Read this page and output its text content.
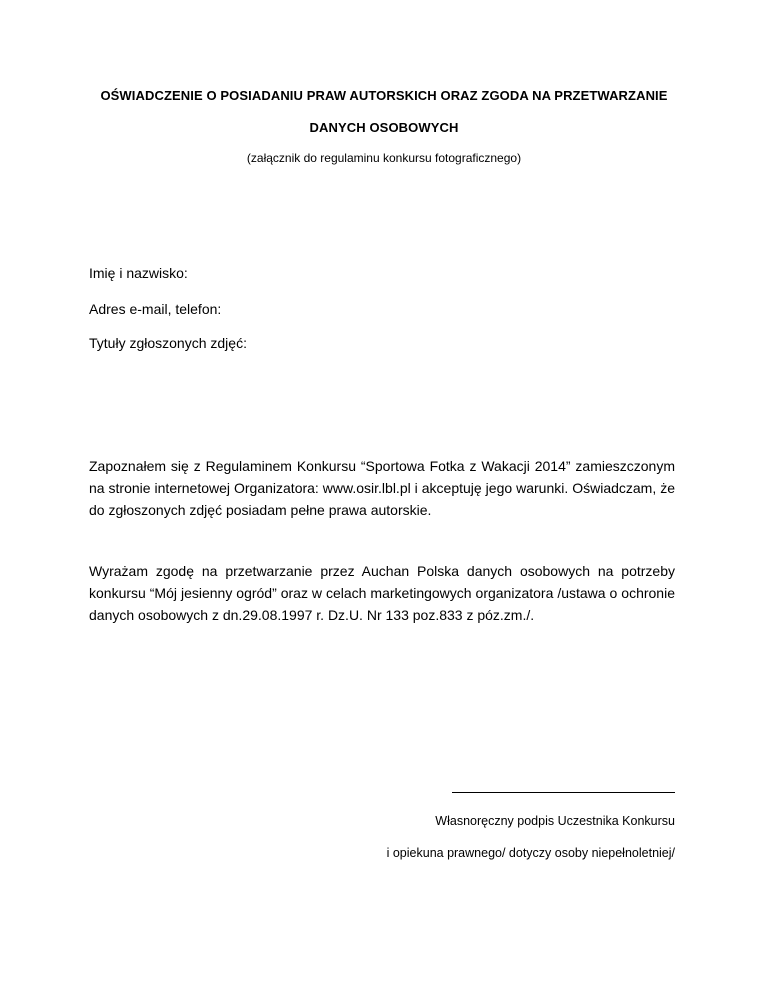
OŚWIADCZENIE O POSIADANIU PRAW AUTORSKICH ORAZ ZGODA NA PRZETWARZANIE
DANYCH OSOBOWYCH
(załącznik do regulaminu konkursu fotograficznego)
Imię i nazwisko:
Adres e-mail, telefon:
Tytuły zgłoszonych zdjęć:
Zapoznałem się z Regulaminem Konkursu “Sportowa Fotka z Wakacji 2014” zamieszczonym na stronie internetowej Organizatora: www.osir.lbl.pl i akceptuję jego warunki. Oświadczam, że do zgłoszonych zdjęć posiadam pełne prawa autorskie.
Wyrażam zgodę na przetwarzanie przez Auchan Polska danych osobowych na potrzeby konkursu “Mój jesienny ogród” oraz w celach marketingowych organizatora /ustawa o ochronie danych osobowych z dn.29.08.1997 r. Dz.U. Nr 133 poz.833 z póz.zm./.
Własnoręczny podpis Uczestnika Konkursu
i opiekuna prawnego/ dotyczy osoby niepełnoletniej/
